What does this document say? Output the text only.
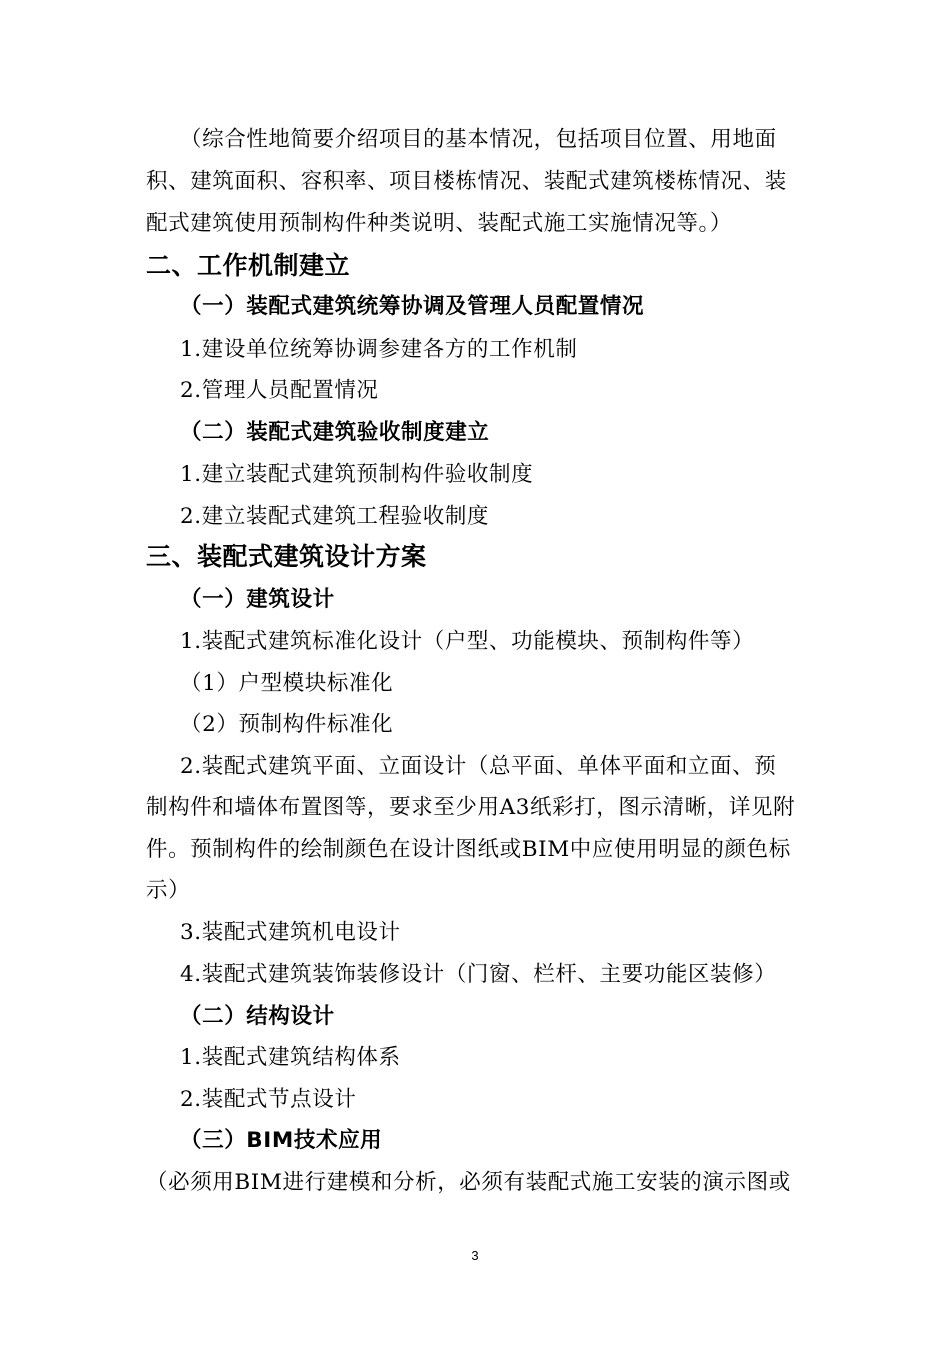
（综合性地简要介绍项目的基本情况，包括项目位置、用地面
积、建筑面积、容积率、项目楼栋情况、装配式建筑楼栋情况、装
配式建筑使用预制构件种类说明、装配式施工实施情况等。）
二、工作机制建立
（一）装配式建筑统筹协调及管理人员配置情况
1.建设单位统筹协调参建各方的工作机制
2.管理人员配置情况
（二）装配式建筑验收制度建立
1.建立装配式建筑预制构件验收制度
2.建立装配式建筑工程验收制度
三、装配式建筑设计方案
（一）建筑设计
1.装配式建筑标准化设计（户型、功能模块、预制构件等）
（1）户型模块标准化
（2）预制构件标准化
2.装配式建筑平面、立面设计（总平面、单体平面和立面、预
制构件和墙体布置图等，要求至少用A3纸彩打，图示清晰，详见附
件。预制构件的绘制颜色在设计图纸或BIM中应使用明显的颜色标
示）
3.装配式建筑机电设计
4.装配式建筑装饰装修设计（门窗、栏杆、主要功能区装修）
（二）结构设计
1.装配式建筑结构体系
2.装配式节点设计
（三）BIM技术应用
（必须用BIM进行建模和分析，必须有装配式施工安装的演示图或
3
